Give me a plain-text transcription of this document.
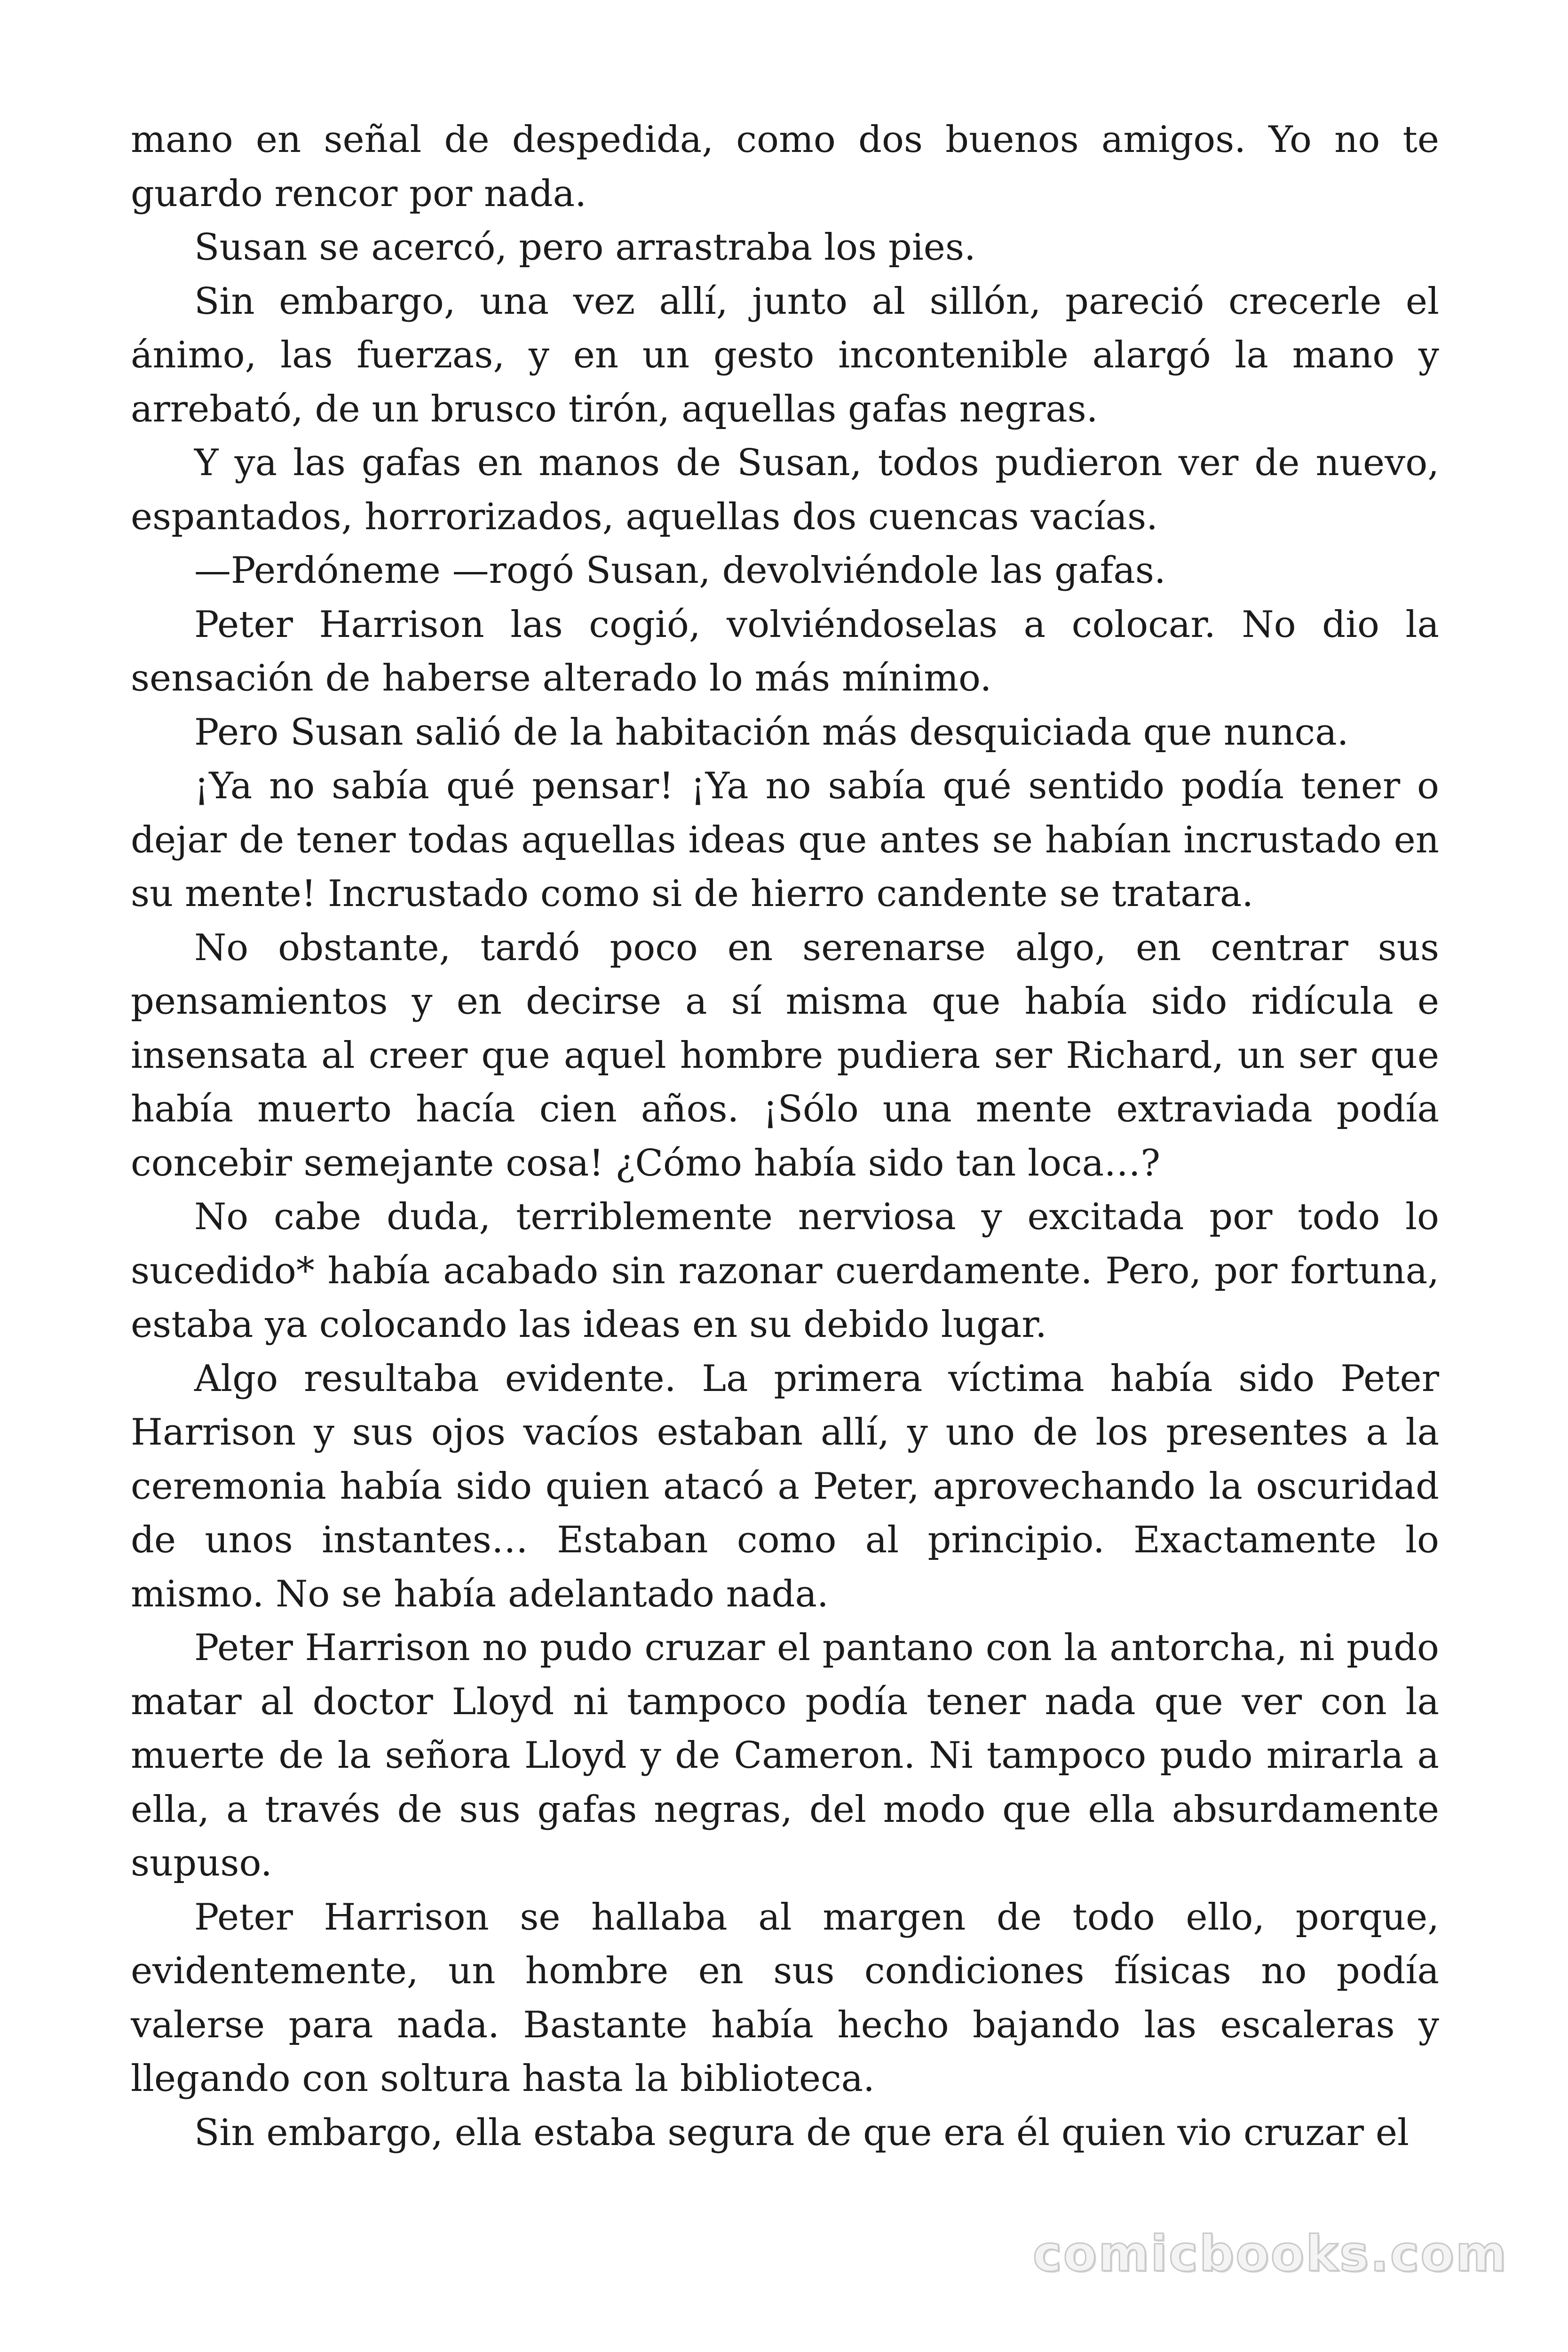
mano en señal de despedida, como dos buenos amigos. Yo no te guardo rencor por nada.

Susan se acercó, pero arrastraba los pies.

Sin embargo, una vez allí, junto al sillón, pareció crecerle el ánimo, las fuerzas, y en un gesto incontenible alargó la mano y arrebató, de un brusco tirón, aquellas gafas negras.

Y ya las gafas en manos de Susan, todos pudieron ver de nuevo, espantados, horrorizados, aquellas dos cuencas vacías.

—Perdóneme —rogó Susan, devolviéndole las gafas.

Peter Harrison las cogió, volviéndoselas a colocar. No dio la sensación de haberse alterado lo más mínimo.

Pero Susan salió de la habitación más desquiciada que nunca.

¡Ya no sabía qué pensar! ¡Ya no sabía qué sentido podía tener o dejar de tener todas aquellas ideas que antes se habían incrustado en su mente! Incrustado como si de hierro candente se tratara.

No obstante, tardó poco en serenarse algo, en centrar sus pensamientos y en decirse a sí misma que había sido ridícula e insensata al creer que aquel hombre pudiera ser Richard, un ser que había muerto hacía cien años. ¡Sólo una mente extraviada podía concebir semejante cosa! ¿Cómo había sido tan loca…?

No cabe duda, terriblemente nerviosa y excitada por todo lo sucedido* había acabado sin razonar cuerdamente. Pero, por fortuna, estaba ya colocando las ideas en su debido lugar.

Algo resultaba evidente. La primera víctima había sido Peter Harrison y sus ojos vacíos estaban allí, y uno de los presentes a la ceremonia había sido quien atacó a Peter, aprovechando la oscuridad de unos instantes… Estaban como al principio. Exactamente lo mismo. No se había adelantado nada.

Peter Harrison no pudo cruzar el pantano con la antorcha, ni pudo matar al doctor Lloyd ni tampoco podía tener nada que ver con la muerte de la señora Lloyd y de Cameron. Ni tampoco pudo mirarla a ella, a través de sus gafas negras, del modo que ella absurdamente supuso.

Peter Harrison se hallaba al margen de todo ello, porque, evidentemente, un hombre en sus condiciones físicas no podía valerse para nada. Bastante había hecho bajando las escaleras y llegando con soltura hasta la biblioteca.

Sin embargo, ella estaba segura de que era él quien vio cruzar el

comicbooks.com
